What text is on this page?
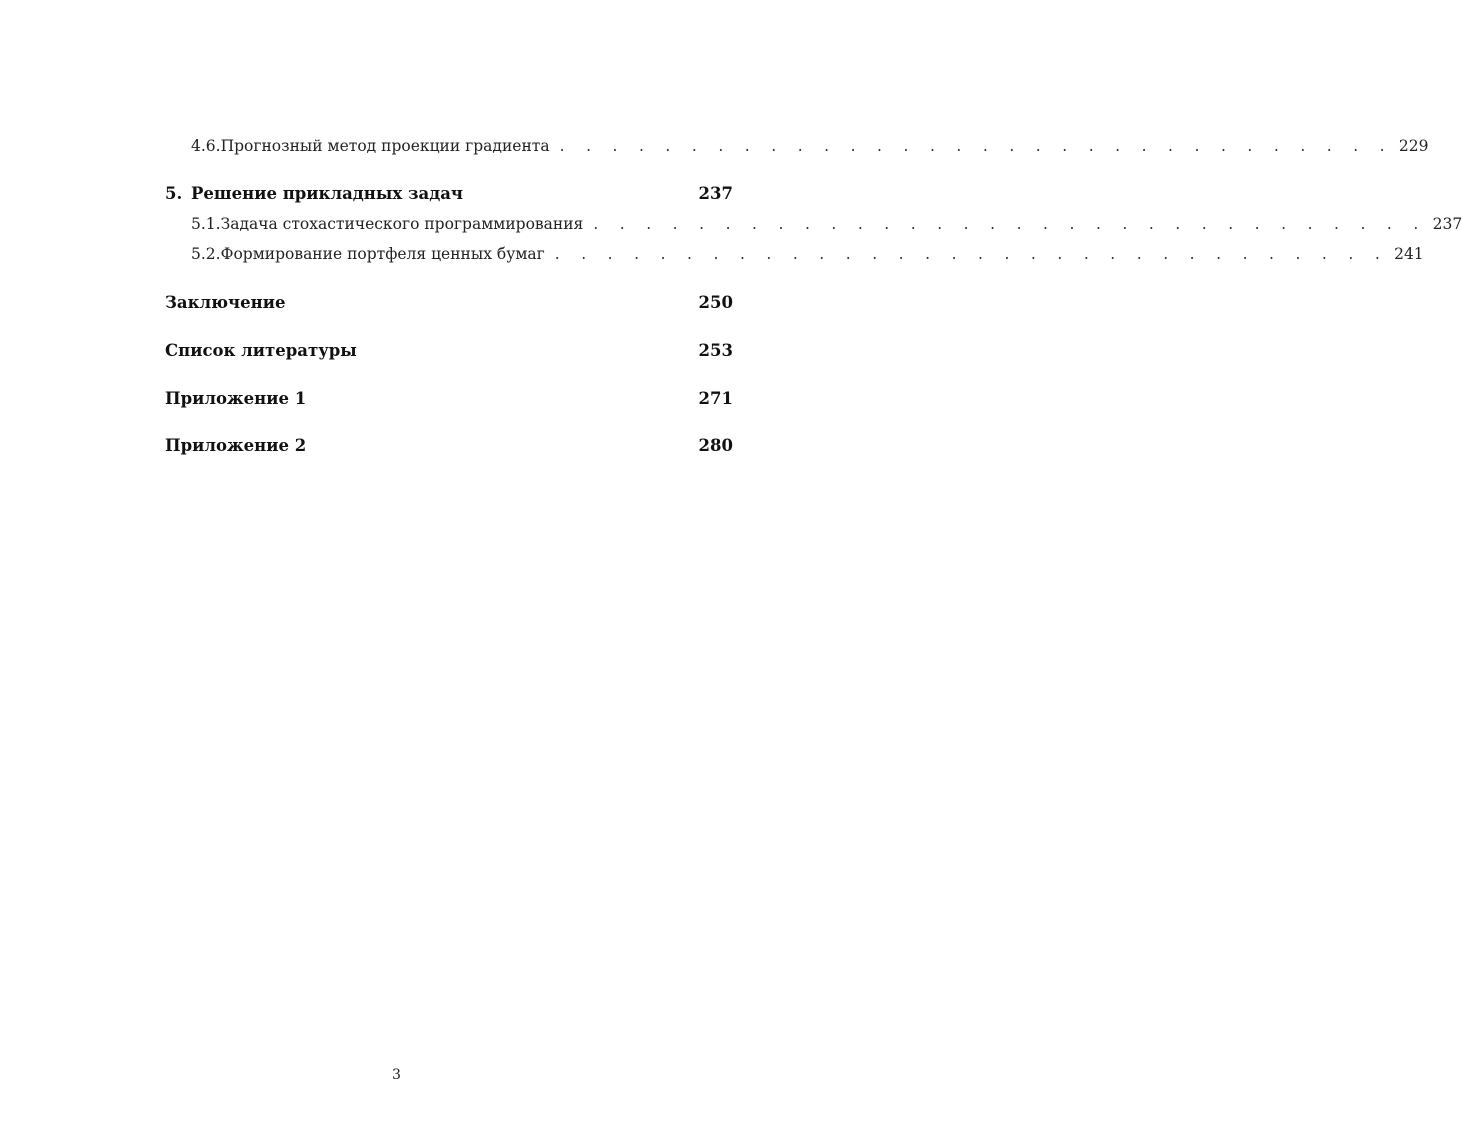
4.6. Прогнозный метод проекции градиента . . . . . . . . . . . . . . . . . . . . . . . . . . . . . . . . 229
5. Решение прикладных задач	237
5.1. Задача стохастического программирования . . . . . . . . . . . . . . . . . . . . . . . . . . . . . . . . 237
5.2. Формирование портфеля ценных бумаг . . . . . . . . . . . . . . . . . . . . . . . . . . . . . . . . 241
Заключение	250
Список литературы	253
Приложение 1	271
Приложение 2	280
3
